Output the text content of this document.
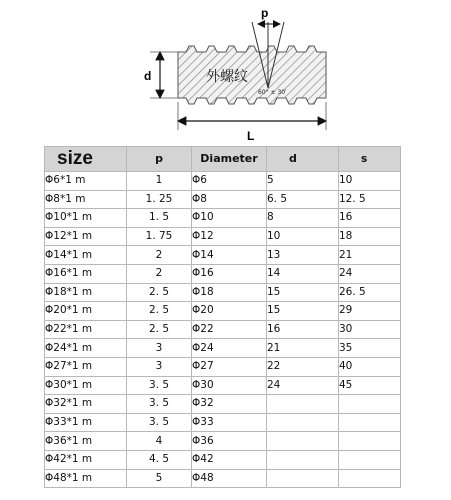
p
d
L
外螺纹
60° ± 30′
size	p	Diameter	d	s
Φ6*1 m	1	Φ6	5	10
Φ8*1 m	1. 25	Φ8	6. 5	12. 5
Φ10*1 m	1. 5	Φ10	8	16
Φ12*1 m	1. 75	Φ12	10	18
Φ14*1 m	2	Φ14	13	21
Φ16*1 m	2	Φ16	14	24
Φ18*1 m	2. 5	Φ18	15	26. 5
Φ20*1 m	2. 5	Φ20	15	29
Φ22*1 m	2. 5	Φ22	16	30
Φ24*1 m	3	Φ24	21	35
Φ27*1 m	3	Φ27	22	40
Φ30*1 m	3. 5	Φ30	24	45
Φ32*1 m	3. 5	Φ32		
Φ33*1 m	3. 5	Φ33		
Φ36*1 m	4	Φ36		
Φ42*1 m	4. 5	Φ42		
Φ48*1 m	5	Φ48		
